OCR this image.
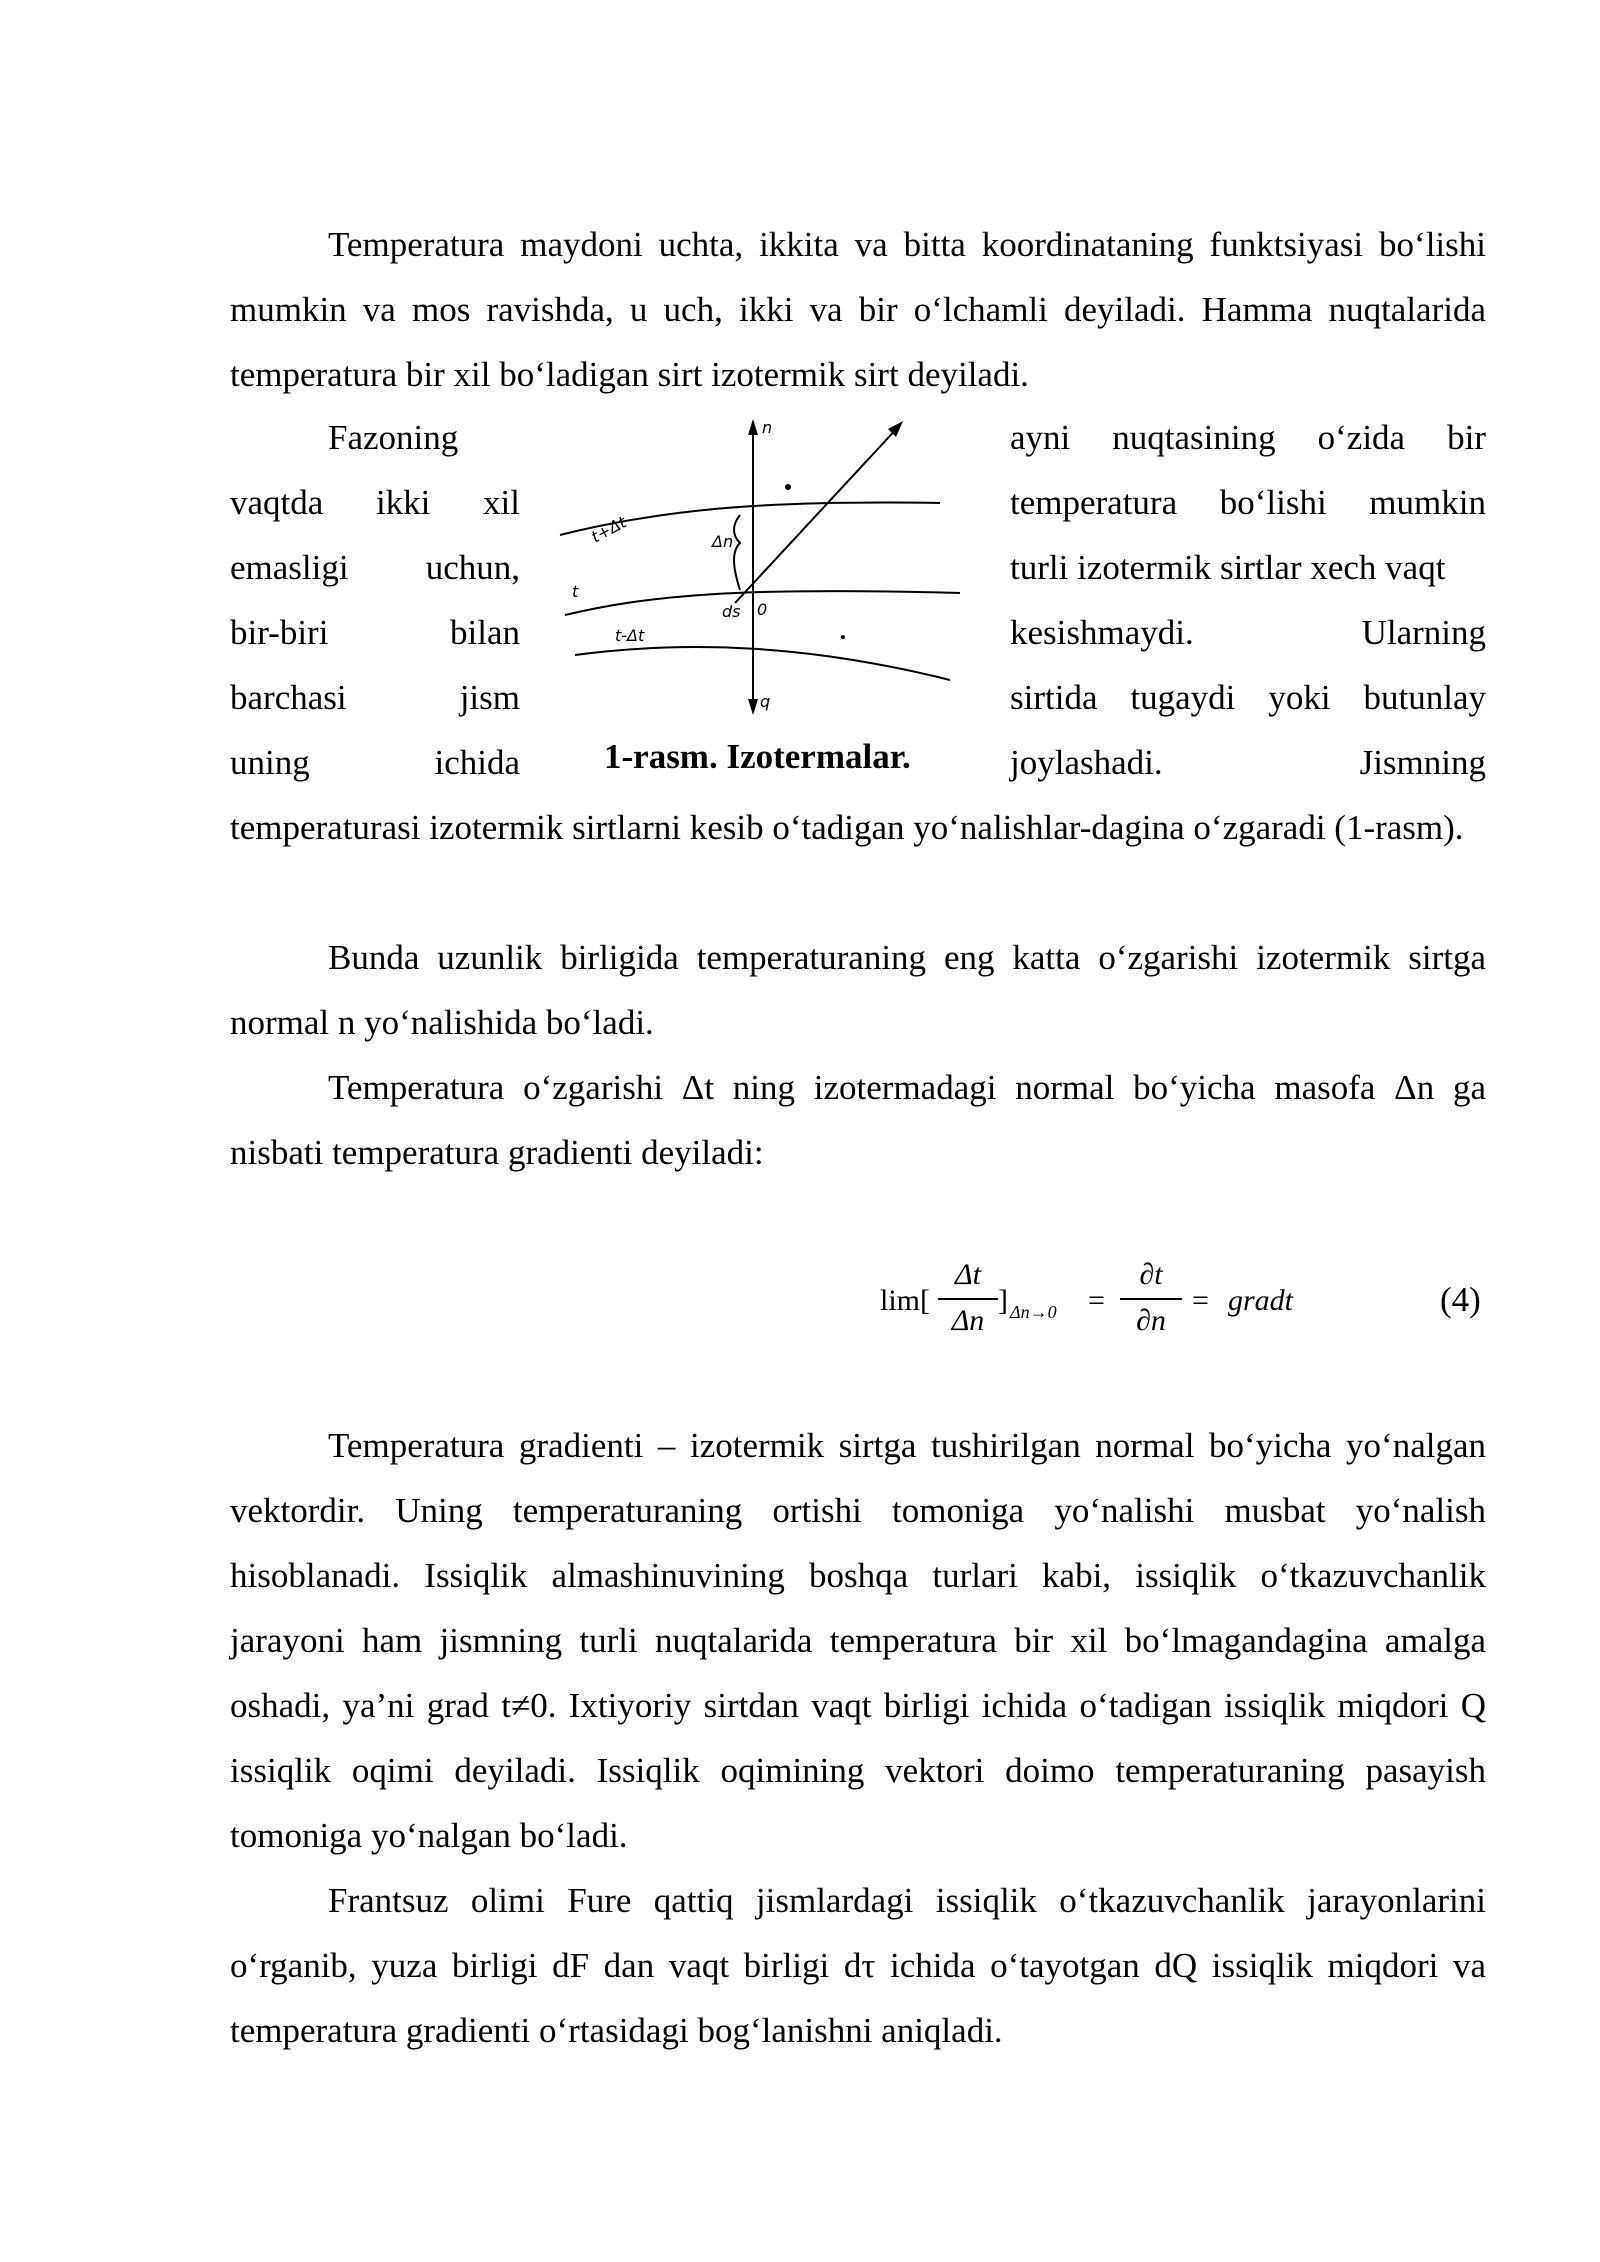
Temperatura maydoni uchta, ikkita va bitta koordinataning funktsiyasi bo‘lishi mumkin va mos ravishda, u uch, ikki va bir o‘lchamli deyiladi. Hamma nuqtalarida temperatura bir xil bo‘ladigan sirt izotermik sirt deyiladi.

Fazoning
vaqtda ikki xil
emasligi uchun,
bir-biri	bilan
barchasi	jism
uning	ichida
ayni nuqtasining o‘zida bir
temperatura bo‘lishi mumkin
turli izotermik sirtlar xech vaqt
kesishmaydi.	Ularning
sirtida tugaydi yoki butunlay
joylashadi.	Jismning
n
t+Δt	Δn
t
ds 0
t-Δt
q
1-rasm. Izotermalar.

temperaturasi izotermik sirtlarni kesib o‘tadigan yo‘nalishlar-dagina o‘zgaradi (1-rasm).

Bunda uzunlik birligida temperaturaning eng katta o‘zgarishi izotermik sirtga normal n yo‘nalishida bo‘ladi.

Temperatura o‘zgarishi Δt ning izotermadagi normal bo‘yicha masofa Δn ga nisbati temperatura gradienti deyiladi:

lim[
Δt
Δn
] Δn→0 =
∂t
∂n
= gradt	(4)

Temperatura gradienti – izotermik sirtga tushirilgan normal bo‘yicha yo‘nalgan vektordir. Uning temperaturaning ortishi tomoniga yo‘nalishi musbat yo‘nalish hisoblanadi. Issiqlik almashinuvining boshqa turlari kabi, issiqlik o‘tkazuvchanlik jarayoni ham jismning turli nuqtalarida temperatura bir xil bo‘lmagandagina amalga oshadi, ya’ni grad t≠0. Ixtiyoriy sirtdan vaqt birligi ichida o‘tadigan issiqlik miqdori Q issiqlik oqimi deyiladi. Issiqlik oqimining vektori doimo temperaturaning pasayish tomoniga yo‘nalgan bo‘ladi.

Frantsuz olimi Fure qattiq jismlardagi issiqlik o‘tkazuvchanlik jarayonlarini o‘rganib, yuza birligi dF dan vaqt birligi dτ ichida o‘tayotgan dQ issiqlik miqdori va temperatura gradienti o‘rtasidagi bog‘lanishni aniqladi.
